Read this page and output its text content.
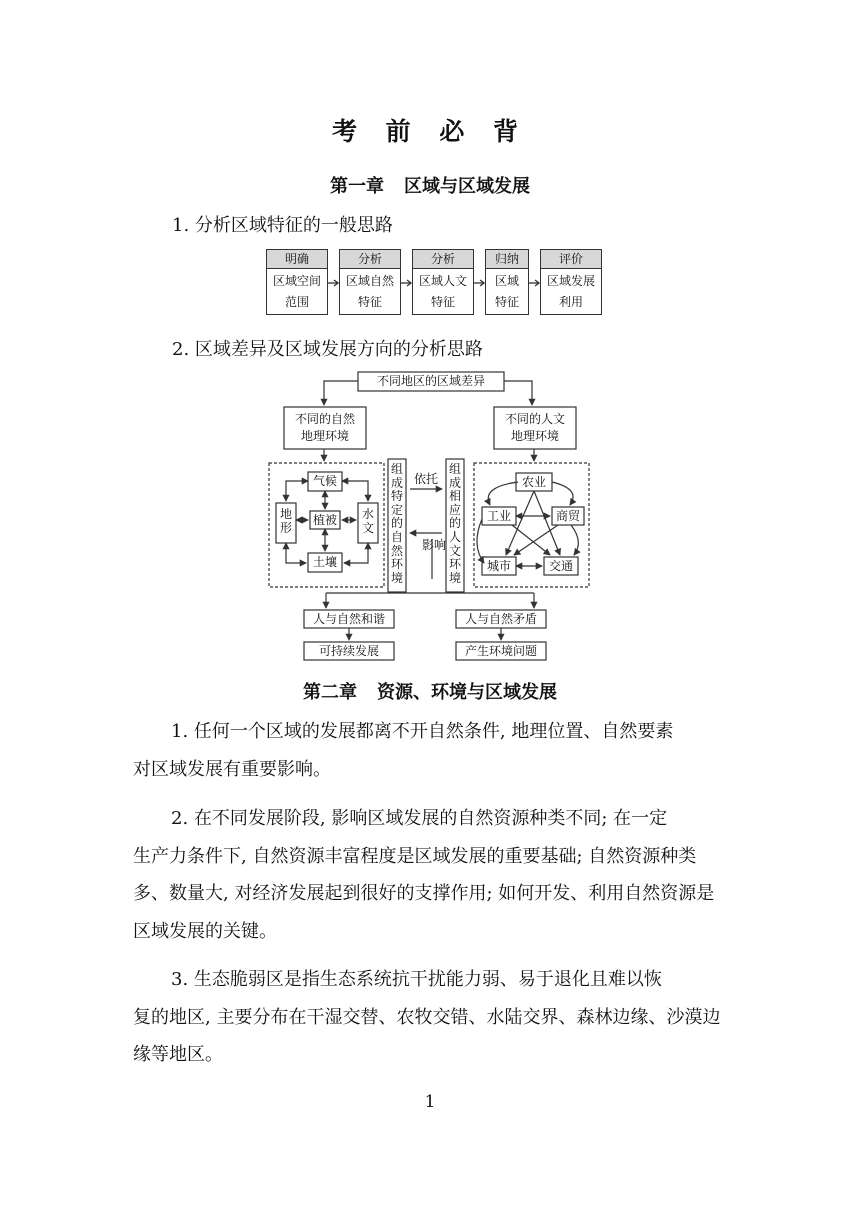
考 前 必 背
第一章 区域与区域发展
1. 分析区域特征的一般思路
明确
区域空间
范围
分析
区域自然
特征
分析
区域人文
特征
归纳
区域
特征
评价
区域发展
利用
2. 区域差异及区域发展方向的分析思路
不同地区的区域差异
不同的自然
地理环境
不同的人文
地理环境
气候
地形
植被 水文
土壤
组成特定的自然环境
组成相应的人文环境
依托
影响
农业
工业	商贸
城市	交通
人与自然和谐	人与自然矛盾
可持续发展	产生环境问题
第二章 资源、环境与区域发展
1. 任何一个区域的发展都离不开自然条件, 地理位置、自然要素
对区域发展有重要影响。
2. 在不同发展阶段, 影响区域发展的自然资源种类不同; 在一定
生产力条件下, 自然资源丰富程度是区域发展的重要基础; 自然资源种类多、数量大, 对经济发展起到很好的支撑作用; 如何开发、利用自然资源是区域发展的关键。
3. 生态脆弱区是指生态系统抗干扰能力弱、易于退化且难以恢
复的地区, 主要分布在干湿交替、农牧交错、水陆交界、森林边缘、沙漠边缘等地区。
1
